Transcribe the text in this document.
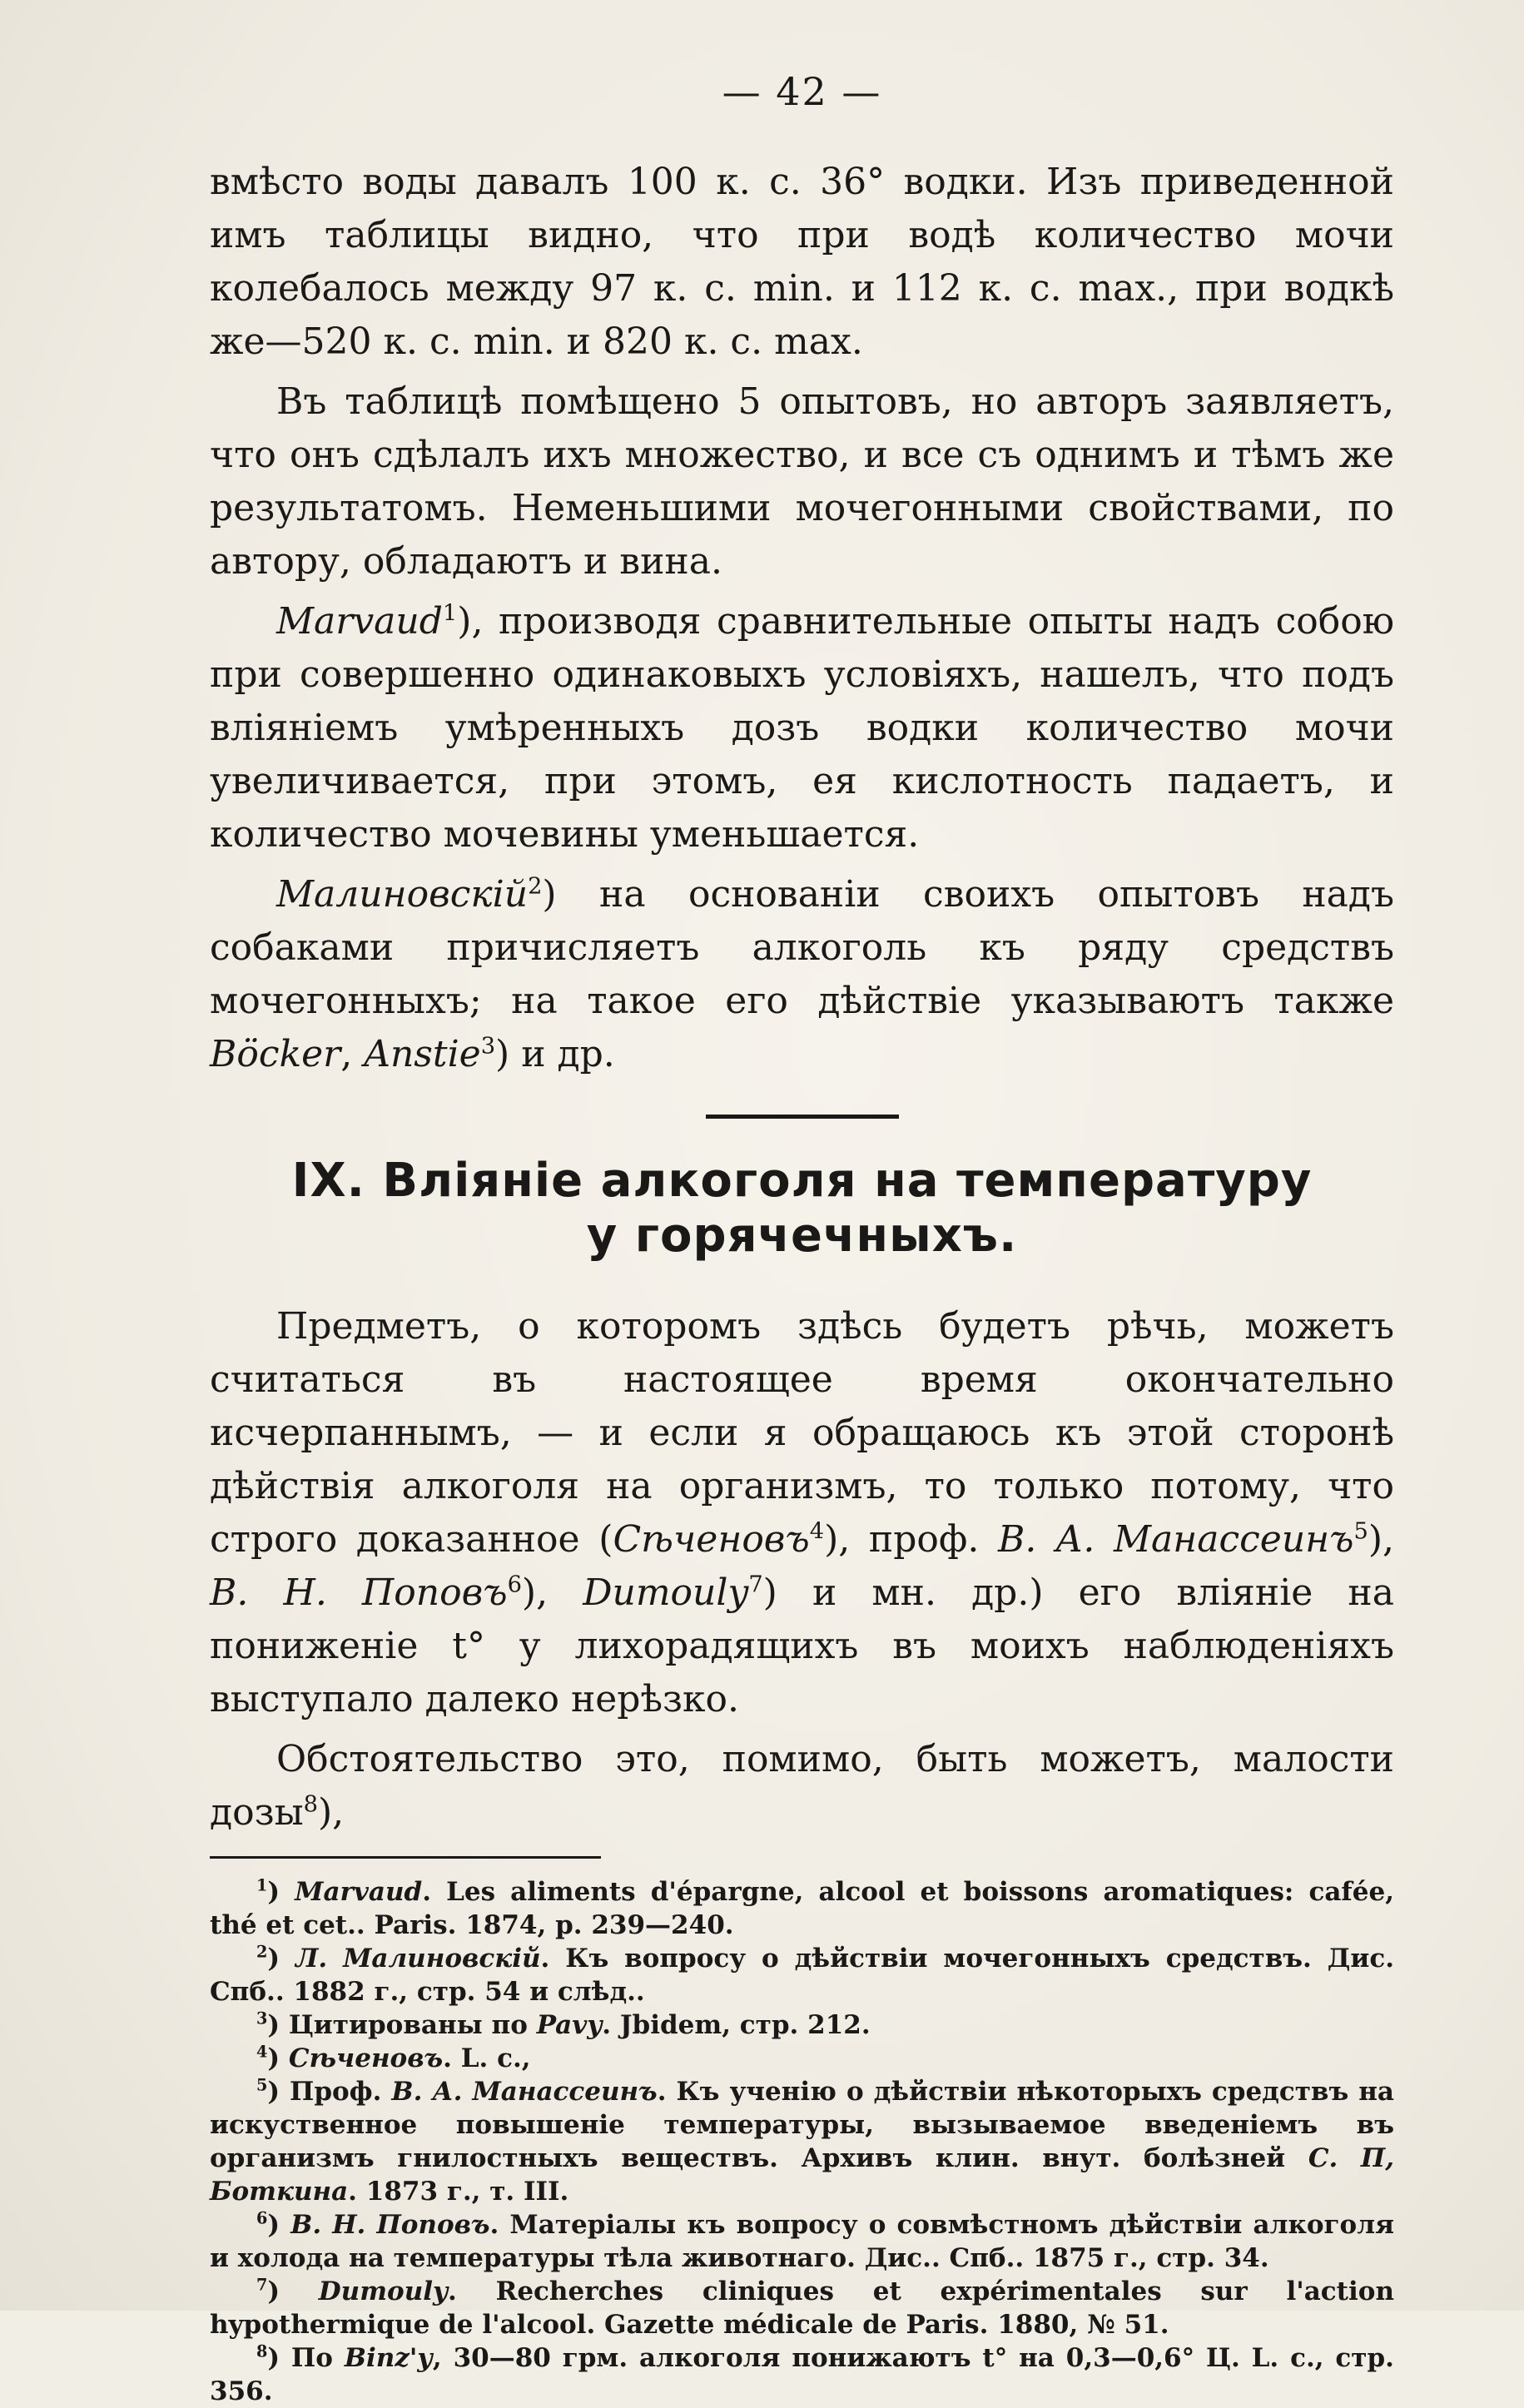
— 42 —

вмѣсто воды давалъ 100 к. с. 36° водки. Изъ приведенной имъ таблицы видно, что при водѣ количество мочи колебалось между 97 к. с. min. и 112 к. с. max., при водкѣ же—520 к. с. min. и 820 к. с. max.

Въ таблицѣ помѣщено 5 опытовъ, но авторъ заявляетъ, что онъ сдѣлалъ ихъ множество, и все съ однимъ и тѣмъ же результатомъ. Неменьшими мочегонными свойствами, по автору, обладаютъ и вина.

Marvaud$^1$), производя сравнительные опыты надъ собою при совершенно одинаковыхъ условіяхъ, нашелъ, что подъ вліяніемъ умѣренныхъ дозъ водки количество мочи увеличивается, при этомъ, ея кислотность падаетъ, и количество мочевины уменьшается.

Малиновскій$^2$) на основаніи своихъ опытовъ надъ собаками причисляетъ алкоголь къ ряду средствъ мочегонныхъ; на такое его дѣйствіе указываютъ также Böcker, Anstie$^3$) и др.

IX. Вліяніе алкоголя на температуру
у горячечныхъ.

Предметъ, о которомъ здѣсь будетъ рѣчь, можетъ считаться въ настоящее время окончательно исчерпаннымъ, — и если я обращаюсь къ этой сторонѣ дѣйствія алкоголя на организмъ, то только потому, что строго доказанное (Сѣченовъ$^4$), проф. В. А. Манассеинъ$^5$), В. Н. Поповъ$^6$), Dumouly$^7$) и мн. др.) его вліяніе на пониженіе t° у лихорадящихъ въ моихъ наблюденіяхъ выступало далеко нерѣзко.

Обстоятельство это, помимо, быть можетъ, малости дозы$^8$),

$^1$) Marvaud. Les aliments d'épargne, alcool et boissons aromatiques: caféе, thé et cet.. Paris. 1874, p. 239—240.

$^2$) Л. Малиновскій. Къ вопросу о дѣйствіи мочегонныхъ средствъ. Дис. Спб.. 1882 г., стр. 54 и слѣд..

$^3$) Цитированы по Pavy. Jbidem, стр. 212.

$^4$) Сѣченовъ. L. c.,

$^5$) Проф. В. А. Манассеинъ. Къ ученію о дѣйствіи нѣкоторыхъ средствъ на искуственное повышеніе температуры, вызываемое введеніемъ въ организмъ гнилостныхъ веществъ. Архивъ клин. внут. болѣзней С. П, Боткина. 1873 г., т. III.

$^6$) В. Н. Поповъ. Матеріалы къ вопросу о совмѣстномъ дѣйствіи алкоголя и холода на температуры тѣла животнаго. Дис.. Спб.. 1875 г., стр. 34.

$^7$) Dumouly. Recherches cliniques et expérimentales sur l'action hypothermique de l'alcool. Gazette médicale de Paris. 1880, № 51.

$^8$) По Binz'у, 30—80 грм. алкоголя понижаютъ t° на 0,3—0,6° Ц. L. c., стр. 356.
